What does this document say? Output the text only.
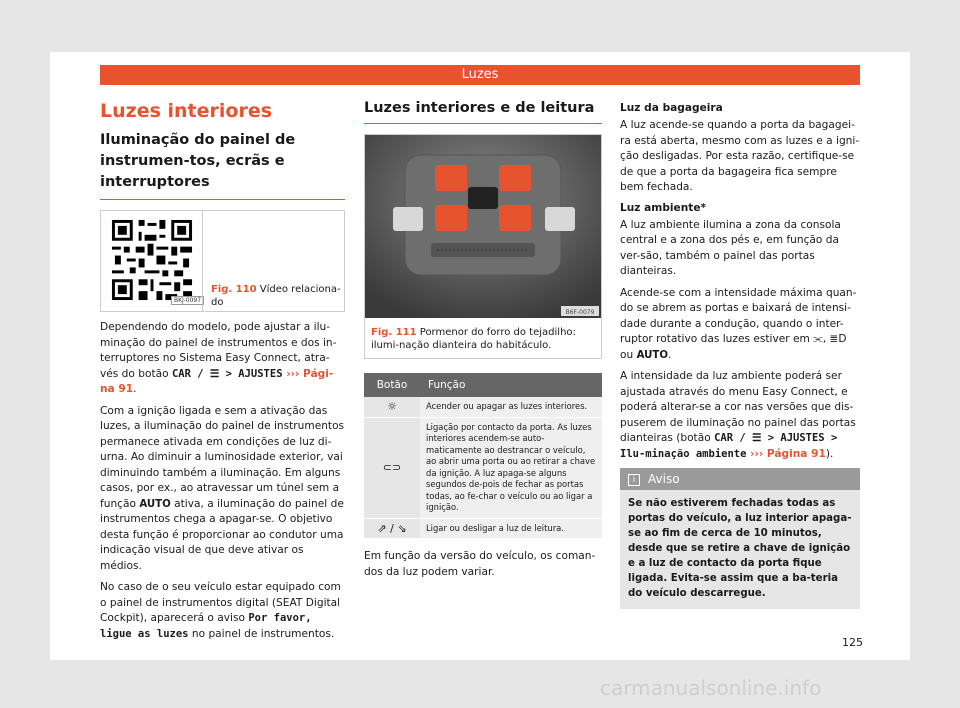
Luzes
Luzes interiores
Iluminação do painel de instrumen-tos, ecrãs e interruptores
BKJ-0097
Fig. 110 Vídeo relaciona-do

Dependendo do modelo, pode ajustar a ilu-minação do painel de instrumentos e dos in-terruptores no Sistema Easy Connect, atra-vés do botão CAR / ☰ > AJUSTES ››› Pági-na 91.

Com a ignição ligada e sem a ativação das luzes, a iluminação do painel de instrumentos permanece ativada em condições de luz di-urna. Ao diminuir a luminosidade exterior, vai diminuindo também a iluminação. Em alguns casos, por ex., ao atravessar um túnel sem a função AUTO ativa, a iluminação do painel de instrumentos chega a apagar-se. O objetivo desta função é proporcionar ao condutor uma indicação visual de que deve ativar os médios.

No caso de o seu veículo estar equipado com o painel de instrumentos digital (SEAT Digital Cockpit), aparecerá o aviso Por favor, ligue as luzes no painel de instrumentos.

Luzes interiores e de leitura
B6F-0079
Fig. 111 Pormenor do forro do tejadilho: ilumi-nação dianteira do habitáculo.
Botão	Função
☼	Acender ou apagar as luzes interiores.
⊂⊃	Ligação por contacto da porta. As luzes interiores acendem-se auto-maticamente ao destrancar o veículo, ao abrir uma porta ou ao retirar a chave da ignição. A luz apaga-se alguns segundos de-pois de fechar as portas todas, ao fe-char o veículo ou ao ligar a ignição.
⇗ / ⇘	Ligar ou desligar a luz de leitura.

Em função da versão do veículo, os coman-dos da luz podem variar.

Luz da bagageira

A luz acende-se quando a porta da bagagei-ra está aberta, mesmo com as luzes e a igni-ção desligadas. Por esta razão, certifique-se de que a porta da bagageira fica sempre bem fechada.

Luz ambiente*

A luz ambiente ilumina a zona da consola central e a zona dos pés e, em função da ver-são, também o painel das portas dianteiras.

Acende-se com a intensidade máxima quan-do se abrem as portas e baixará de intensi-dade durante a condução, quando o inter-ruptor rotativo das luzes estiver em ⫘, ≣D ou AUTO.

A intensidade da luz ambiente poderá ser ajustada através do menu Easy Connect, e poderá alterar-se a cor nas versões que dis-puserem de iluminação no painel das portas dianteiras (botão CAR / ☰ > AJUSTES > Ilu-minação ambiente ››› Página 91).

i Aviso
Se não estiverem fechadas todas as portas do veículo, a luz interior apaga-se ao fim de cerca de 10 minutos, desde que se retire a chave de ignição e a luz de contacto da porta fique ligada. Evita-se assim que a ba-teria do veículo descarregue.
125
carmanualsonline.info
